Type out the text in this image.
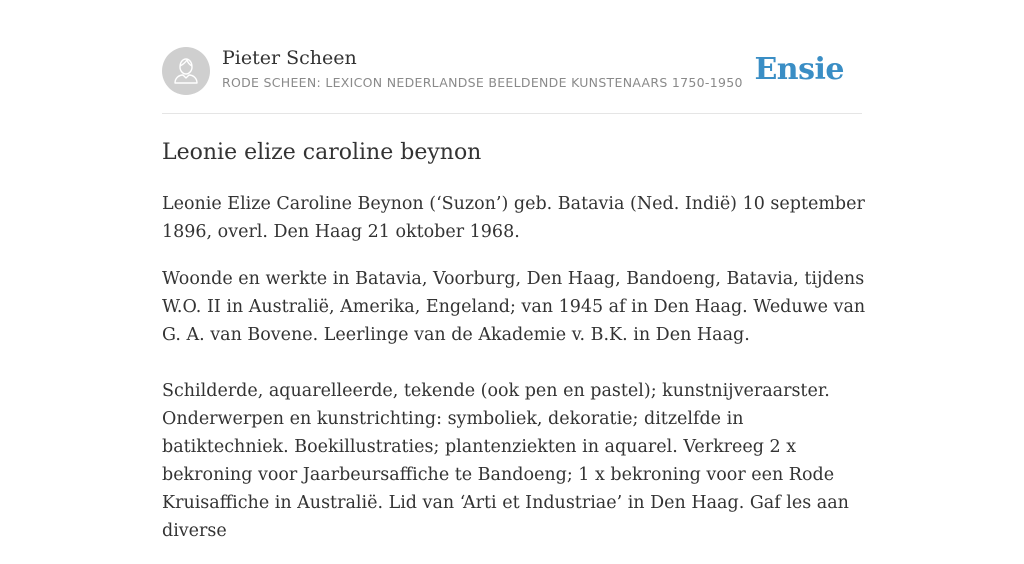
Pieter Scheen
RODE SCHEEN: LEXICON NEDERLANDSE BEELDENDE KUNSTENAARS 1750-1950 Ensie
Leonie elize caroline beynon

Leonie Elize Caroline Beynon (‘Suzon’) geb. Batavia (Ned. Indië) 10 september 1896, overl. Den Haag 21 oktober 1968.

Woonde en werkte in Batavia, Voorburg, Den Haag, Bandoeng, Batavia, tijdens W.O. II in Australië, Amerika, Engeland; van 1945 af in Den Haag. Weduwe van G. A. van Bovene. Leerlinge van de Akademie v. B.K. in Den Haag.

Schilderde, aquarelleerde, tekende (ook pen en pastel); kunstnijveraarster. Onderwerpen en kunstrichting: symboliek, dekoratie; ditzelfde in batiktechniek. Boekillustraties; plantenziekten in aquarel. Verkreeg 2 x bekroning voor Jaarbeursaffiche te Bandoeng; 1 x bekroning voor een Rode Kruisaffiche in Australië. Lid van ‘Arti et Industriae’ in Den Haag. Gaf les aan diverse
